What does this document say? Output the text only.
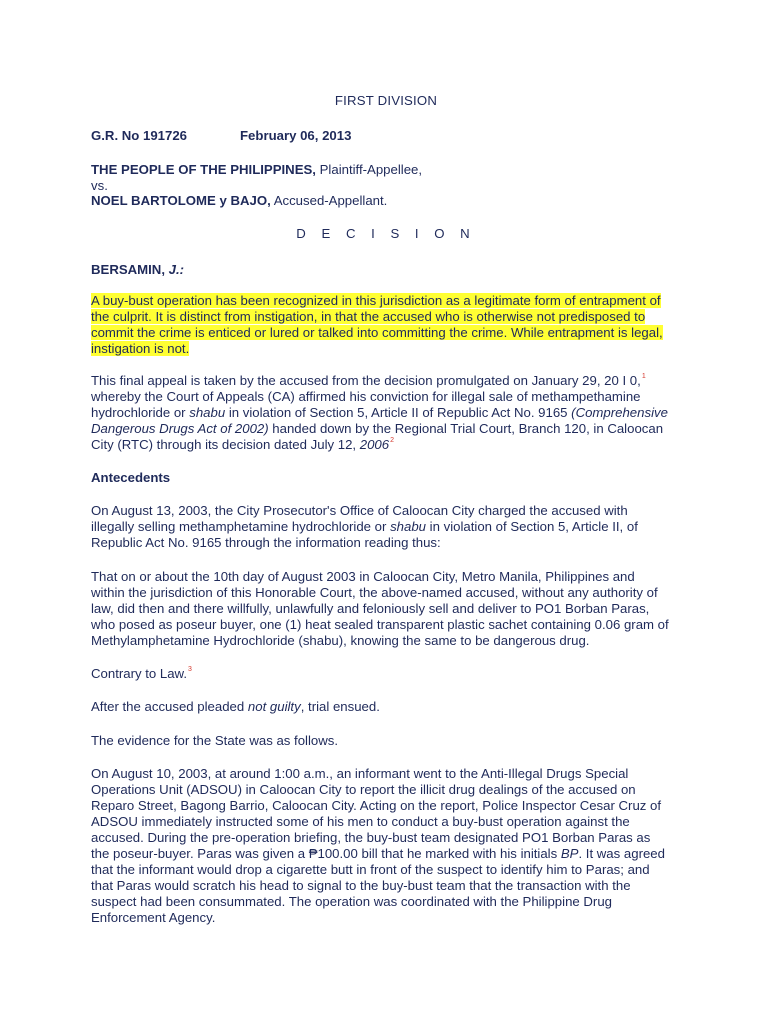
FIRST DIVISION

G.R. No 191726	February 06, 2013

THE PEOPLE OF THE PHILIPPINES, Plaintiff-Appellee,

vs.

NOEL BARTOLOME y BAJO, Accused-Appellant.

D E C I S I O N

BERSAMIN, J.:

A buy-bust operation has been recognized in this jurisdiction as a legitimate form of entrapment of the culprit. It is distinct from instigation, in that the accused who is otherwise not predisposed to commit the crime is enticed or lured or talked into committing the crime. While entrapment is legal, instigation is not.

This final appeal is taken by the accused from the decision promulgated on January 29, 20 I 0,$^1$ whereby the Court of Appeals (CA) affirmed his conviction for illegal sale of methampethamine hydrochloride or shabu in violation of Section 5, Article II of Republic Act No. 9165 (Comprehensive Dangerous Drugs Act of 2002) handed down by the Regional Trial Court, Branch 120, in Caloocan City (RTC) through its decision dated July 12, 2006$^2$

Antecedents

On August 13, 2003, the City Prosecutor's Office of Caloocan City charged the accused with illegally selling methamphetamine hydrochloride or shabu in violation of Section 5, Article II, of Republic Act No. 9165 through the information reading thus:

That on or about the 10th day of August 2003 in Caloocan City, Metro Manila, Philippines and within the jurisdiction of this Honorable Court, the above-named accused, without any authority of law, did then and there willfully, unlawfully and feloniously sell and deliver to PO1 Borban Paras, who posed as poseur buyer, one (1) heat sealed transparent plastic sachet containing 0.06 gram of Methylamphetamine Hydrochloride (shabu), knowing the same to be dangerous drug.

Contrary to Law.$^3$

After the accused pleaded not guilty, trial ensued.

The evidence for the State was as follows.

On August 10, 2003, at around 1:00 a.m., an informant went to the Anti-Illegal Drugs Special Operations Unit (ADSOU) in Caloocan City to report the illicit drug dealings of the accused on Reparo Street, Bagong Barrio, Caloocan City. Acting on the report, Police Inspector Cesar Cruz of ADSOU immediately instructed some of his men to conduct a buy-bust operation against the accused. During the pre-operation briefing, the buy-bust team designated PO1 Borban Paras as the poseur-buyer. Paras was given a ₱100.00 bill that he marked with his initials BP. It was agreed that the informant would drop a cigarette butt in front of the suspect to identify him to Paras; and that Paras would scratch his head to signal to the buy-bust team that the transaction with the suspect had been consummated. The operation was coordinated with the Philippine Drug Enforcement Agency.
